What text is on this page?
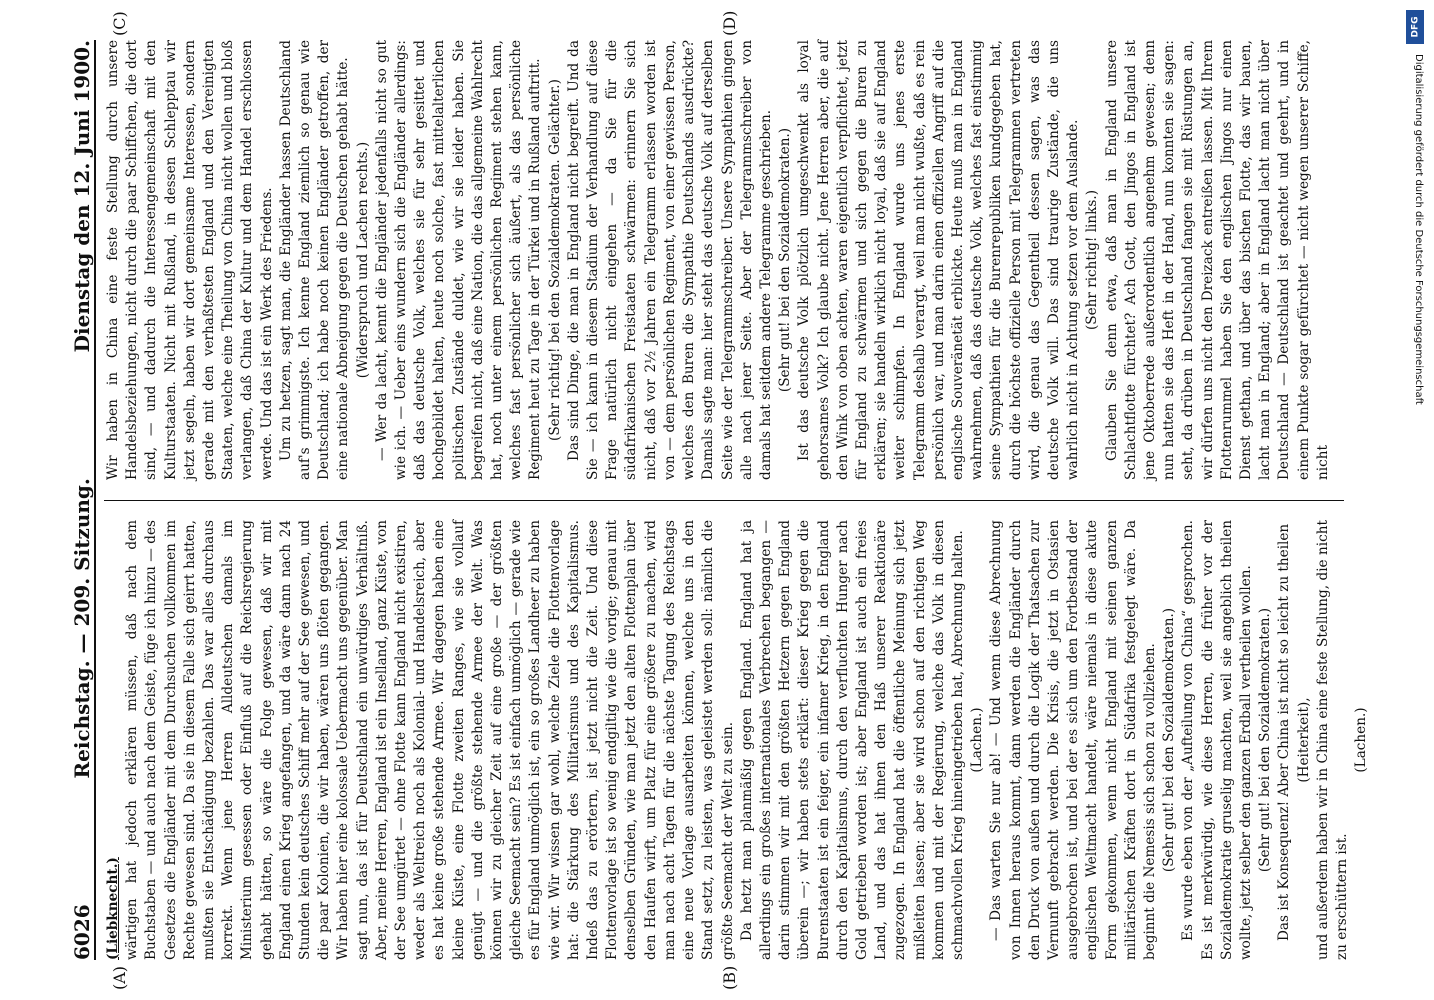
6026
Reichstag. — 209. Sitzung.
Dienstag den 12. Juni 1900.
(A)	(B)
(C)	(D)

(Liebknecht.) wärtigen hat jedoch erklären müssen, daß nach dem Buchstaben — und auch nach dem Geiste, füge ich hinzu — des Gesetzes die Engländer mit dem Durchsuchen vollkommen im Rechte gewesen sind. Da sie in diesem Falle sich geirrt hatten, mußten sie Entschädigung bezahlen. Das war alles durchaus korrekt. Wenn jene Herren Alldeutschen damals im Ministerium gesessen oder Einfluß auf die Reichsregierung gehabt hätten, so wäre die Folge gewesen, daß wir mit England einen Krieg angefangen, und da wäre dann nach 24 Stunden kein deutsches Schiff mehr auf der See gewesen, und die paar Kolonien, die wir haben, wären uns flöten gegangen. Wir haben hier eine kolossale Uebermacht uns gegenüber. Man sagt nun, das ist für Deutschland ein unwürdiges Verhältniß. Aber, meine Herren, England ist ein Inselland, ganz Küste, von der See umgürtet — ohne Flotte kann England nicht existiren, weder als Weltreich noch als Kolonial- und Handelsreich, aber es hat keine große stehende Armee. Wir dagegen haben eine kleine Küste, eine Flotte zweiten Ranges, wie sie vollauf genügt — und die größte stehende Armee der Welt. Was können wir zu gleicher Zeit auf eine große — der größten gleiche Seemacht sein? Es ist einfach unmöglich — gerade wie es für England unmöglich ist, ein so großes Landheer zu haben wie wir. Wir wissen gar wohl, welche Ziele die Flottenvorlage hat: die Stärkung des Militarismus und des Kapitalismus. Indeß das zu erörtern, ist jetzt nicht die Zeit. Und diese Flottenvorlage ist so wenig endgiltig wie die vorige; genau mit denselben Gründen, wie man jetzt den alten Flottenplan über den Haufen wirft, um Platz für eine größere zu machen, wird man nach acht Tagen für die nächste Tagung des Reichstags eine neue Vorlage ausarbeiten können, welche uns in den Stand setzt, zu leisten, was geleistet werden soll: nämlich die größte Seemacht der Welt zu sein. Da hetzt man planmäßig gegen England. England hat ja allerdings ein großes internationales Verbrechen begangen — darin stimmen wir mit den größten Hetzern gegen England überein —; wir haben stets erklärt: dieser Krieg gegen die Burenstaaten ist ein feiger, ein infamer Krieg, in den England durch den Kapitalismus, durch den verfluchten Hunger nach Gold getrieben worden ist; aber England ist auch ein freies Land, und das hat ihnen den Haß unserer Reaktionäre zugezogen. In England hat die öffentliche Meinung sich jetzt mißleiten lassen; aber sie wird schon auf den richtigen Weg kommen und mit der Regierung, welche das Volk in diesen schmachvollen Krieg hineingetrieben hat, Abrechnung halten. (Lachen.) — Das warten Sie nur ab! — Und wenn diese Abrechnung von Innen heraus kommt, dann werden die Engländer durch den Druck von außen und durch die Logik der Thatsachen zur Vernunft gebracht werden. Die Krisis, die jetzt in Ostasien ausgebrochen ist, und bei der es sich um den Fortbestand der englischen Weltmacht handelt, wäre niemals in diese akute Form gekommen, wenn nicht England mit seinen ganzen militärischen Kräften dort in Südafrika festgelegt wäre. Da beginnt die Nemesis sich schon zu vollziehen. (Sehr gut! bei den Sozialdemokraten.) Es wurde eben von der „Aufteilung von China“ gesprochen. Es ist merkwürdig, wie diese Herren, die früher vor der Sozialdemokratie gruselig machten, weil sie angeblich theilen wollte, jetzt selber den ganzen Erdball vertheilen wollen. (Sehr gut! bei den Sozialdemokraten.) Das ist Konsequenz! Aber China ist nicht so leicht zu theilen (Heiterkeit), und außerdem haben wir in China eine feste Stellung, die nicht zu erschüttern ist.

(Lachen.)

Wir haben in China eine feste Stellung durch unsere Handelsbeziehungen, nicht durch die paar Schiffchen, die dort sind, — und dadurch die Interessengemeinschaft mit den Kulturstaaten. Nicht mit Rußland, in dessen Schlepptau wir jetzt segeln, haben wir dort gemeinsame Interessen, sondern gerade mit den verhaßtesten England und den Vereinigten Staaten, welche eine Theilung von China nicht wollen und bloß verlangen, daß China der Kultur und dem Handel erschlossen werde. Und das ist ein Werk des Friedens. Um zu hetzen, sagt man, die Engländer hassen Deutschland auf's grimmigste. Ich kenne England ziemlich so genau wie Deutschland; ich habe noch keinen Engländer getroffen, der eine nationale Abneigung gegen die Deutschen gehabt hätte. (Widerspruch und Lachen rechts.) — Wer da lacht, kennt die Engländer jedenfalls nicht so gut wie ich. — Ueber eins wundern sich die Engländer allerdings: daß das deutsche Volk, welches sie für sehr gesittet und hochgebildet halten, heute noch solche, fast mittelalterlichen politischen Zustände duldet, wie wir sie leider haben. Sie begreifen nicht, daß eine Nation, die das allgemeine Wahlrecht hat, noch unter einem persönlichen Regiment stehen kann, welches fast persönlicher sich äußert, als das persönliche Regiment heut zu Tage in der Türkei und in Rußland auftritt. (Sehr richtig! bei den Sozialdemokraten. Gelächter.) Das sind Dinge, die man in England nicht begreift. Und da Sie — ich kann in diesem Stadium der Verhandlung auf diese Frage natürlich nicht eingehen — da Sie für die südafrikanischen Freistaaten schwärmen: erinnern Sie sich nicht, daß vor 2½ Jahren ein Telegramm erlassen worden ist von — dem persönlichen Regiment, von einer gewissen Person, welches den Buren die Sympathie Deutschlands ausdrückte? Damals sagte man: hier steht das deutsche Volk auf derselben Seite wie der Telegrammschreiber. Unsere Sympathien gingen alle nach jener Seite. Aber der Telegrammschreiber von damals hat seitdem andere Telegramme geschrieben. (Sehr gut! bei den Sozialdemokraten.) Ist das deutsche Volk plötzlich umgeschwenkt als loyal gehorsames Volk? Ich glaube nicht. Jene Herren aber, die auf den Wink von oben achten, waren eigentlich verpflichtet, jetzt für England zu schwärmen und sich gegen die Buren zu erklären; sie handeln wirklich nicht loyal, daß sie auf England weiter schimpfen. In England wurde uns jenes erste Telegramm deshalb verargt, weil man nicht wußte, daß es rein persönlich war, und man darin einen offiziellen Angriff auf die englische Souveränetät erblickte. Heute muß man in England wahrnehmen, daß das deutsche Volk, welches fast einstimmig seine Sympathien für die Burenrepubliken kundgegeben hat, durch die höchste offizielle Person mit Telegrammen vertreten wird, die genau das Gegentheil dessen sagen, was das deutsche Volk will. Das sind traurige Zustände, die uns wahrlich nicht in Achtung setzen vor dem Auslande. (Sehr richtig! links.) Glauben Sie denn etwa, daß man in England unsere Schlachtflotte fürchtet? Ach Gott, den Jingos in England ist jene Oktoberrede außerordentlich angenehm gewesen; denn nun hatten sie das Heft in der Hand, nun konnten sie sagen: seht, da drüben in Deutschland fangen sie mit Rüstungen an, wir dürfen uns nicht den Dreizack entreißen lassen. Mit Ihrem Flottenrummel haben Sie den englischen Jingos nur einen Dienst gethan, und über das bischen Flotte, das wir bauen, lacht man in England; aber in England lacht man nicht über Deutschland — Deutschland ist geachtet und geehrt, und in einem Punkte sogar gefürchtet — nicht wegen unserer Schiffe, nicht

DFG
Digitalisierung gefördert durch die Deutsche Forschungsgemeinschaft
